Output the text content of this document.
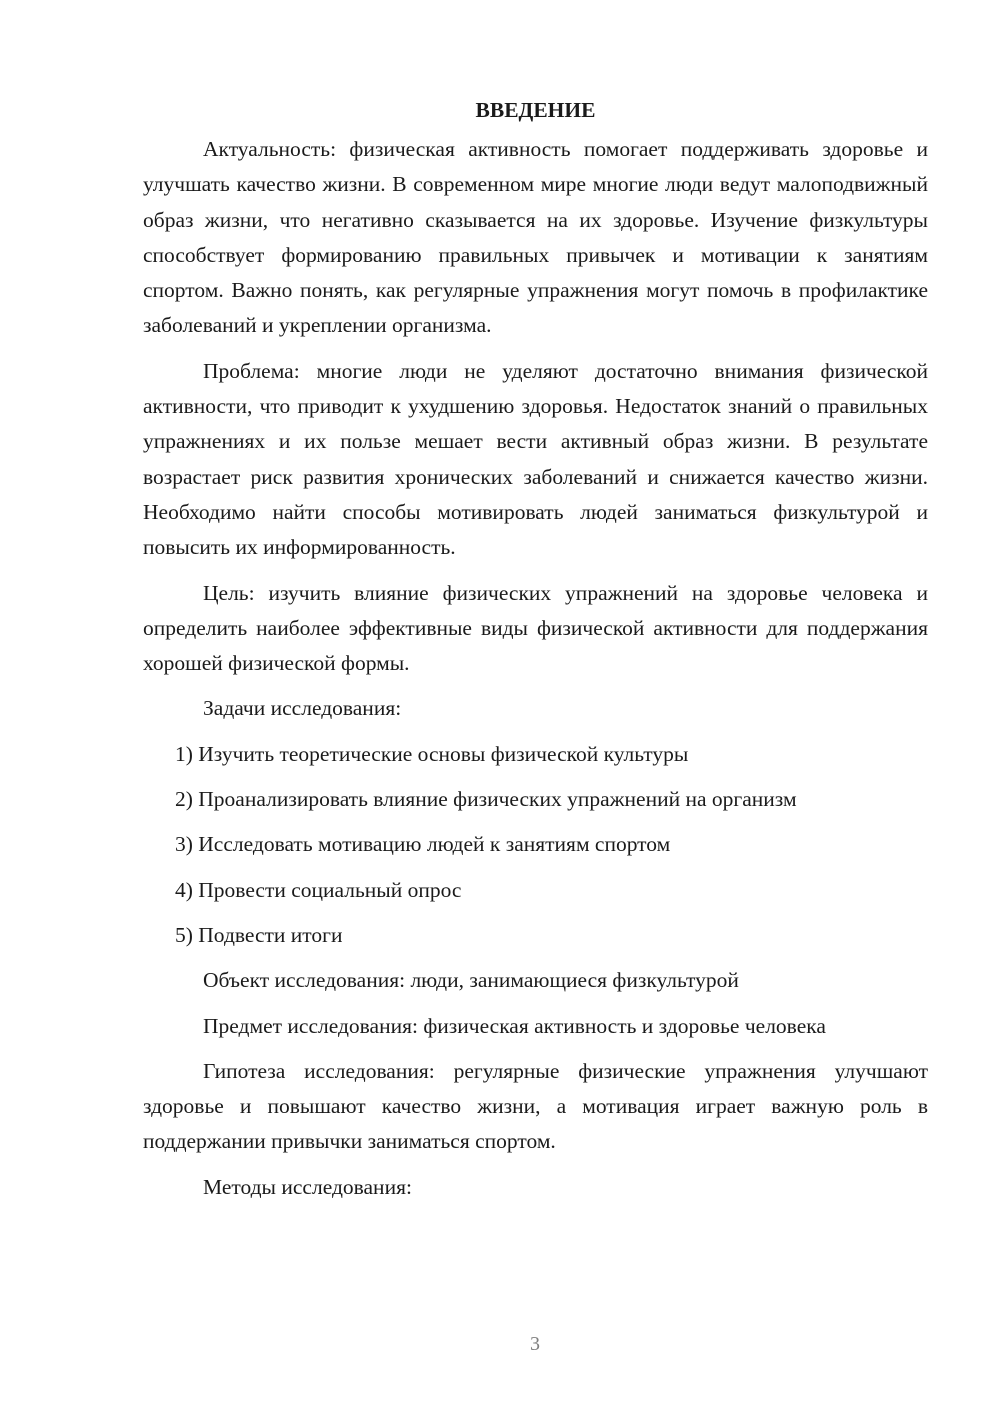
ВВЕДЕНИЕ

Актуальность: физическая активность помогает поддерживать здоровье и улучшать качество жизни. В современном мире многие люди ведут малоподвижный образ жизни, что негативно сказывается на их здоровье. Изучение физкультуры способствует формированию правильных привычек и мотивации к занятиям спортом. Важно понять, как регулярные упражнения могут помочь в профилактике заболеваний и укреплении организма.

Проблема: многие люди не уделяют достаточно внимания физической активности, что приводит к ухудшению здоровья. Недостаток знаний о правильных упражнениях и их пользе мешает вести активный образ жизни. В результате возрастает риск развития хронических заболеваний и снижается качество жизни. Необходимо найти способы мотивировать людей заниматься физкультурой и повысить их информированность.

Цель: изучить влияние физических упражнений на здоровье человека и определить наиболее эффективные виды физической активности для поддержания хорошей физической формы.

Задачи исследования:
1) Изучить теоретические основы физической культуры
2) Проанализировать влияние физических упражнений на организм
3) Исследовать мотивацию людей к занятиям спортом
4) Провести социальный опрос
5) Подвести итоги
Объект исследования: люди, занимающиеся физкультурой
Предмет исследования: физическая активность и здоровье человека

Гипотеза исследования: регулярные физические упражнения улучшают здоровье и повышают качество жизни, а мотивация играет важную роль в поддержании привычки заниматься спортом.

Методы исследования:
3
